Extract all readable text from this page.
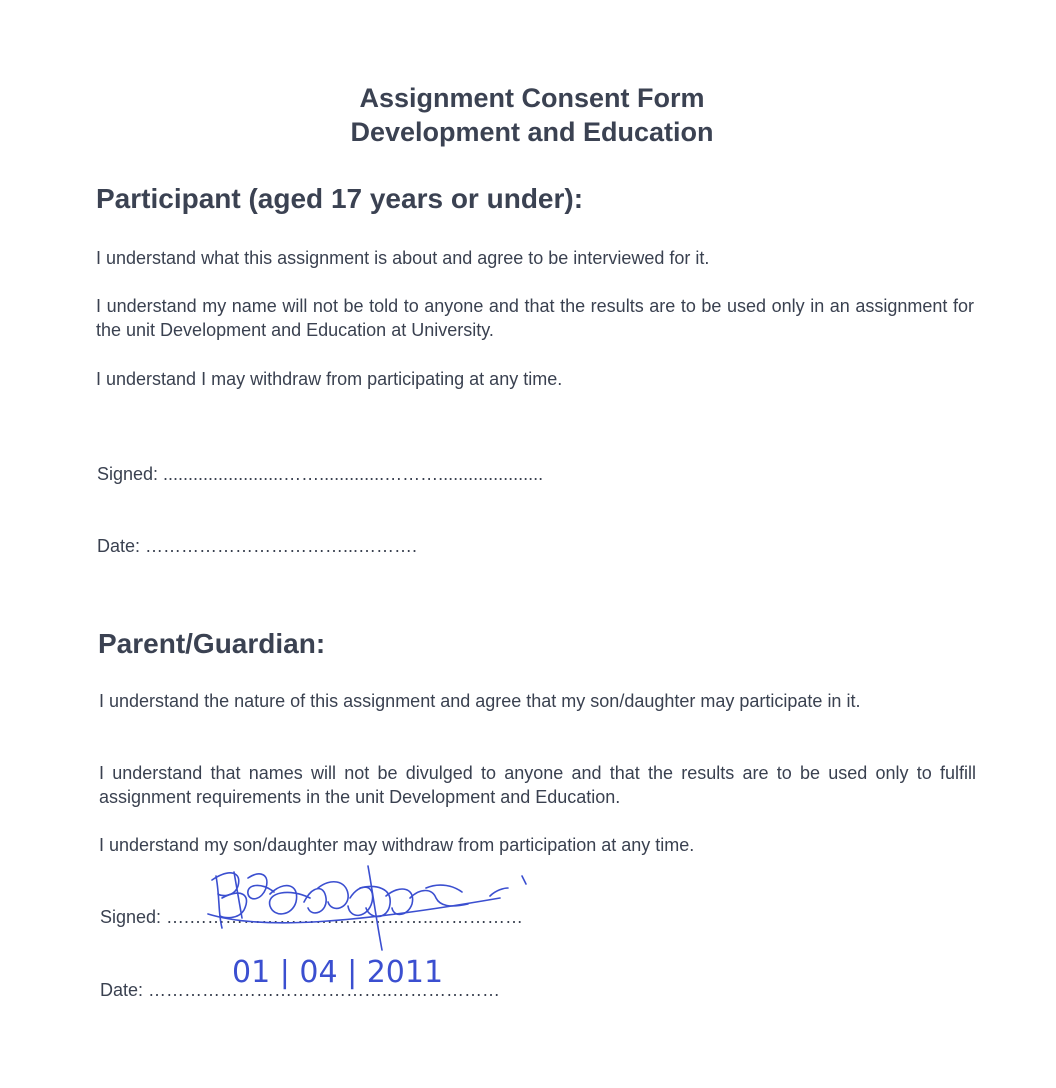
Assignment Consent Form
Development and Education
Participant (aged 17 years or under):
I understand what this assignment is about and agree to be interviewed for it.
I understand my name will not be told to anyone and that the results are to be used only in an assignment for the unit Development and Education at University.
I understand I may withdraw from participating at any time.
Signed: ........................…….............……….....................
Date: ……………………………...……….
Parent/Guardian:
I understand the nature of this assignment and agree that my son/daughter may participate in it.
I understand that names will not be divulged to anyone and that the results are to be used only to fulfill assignment requirements in the unit Development and Education.
I understand my son/daughter may withdraw from participation at any time.
Signed: ….…………………………………..……………
Date: …………………………………..………………
01 | 04 | 2011
